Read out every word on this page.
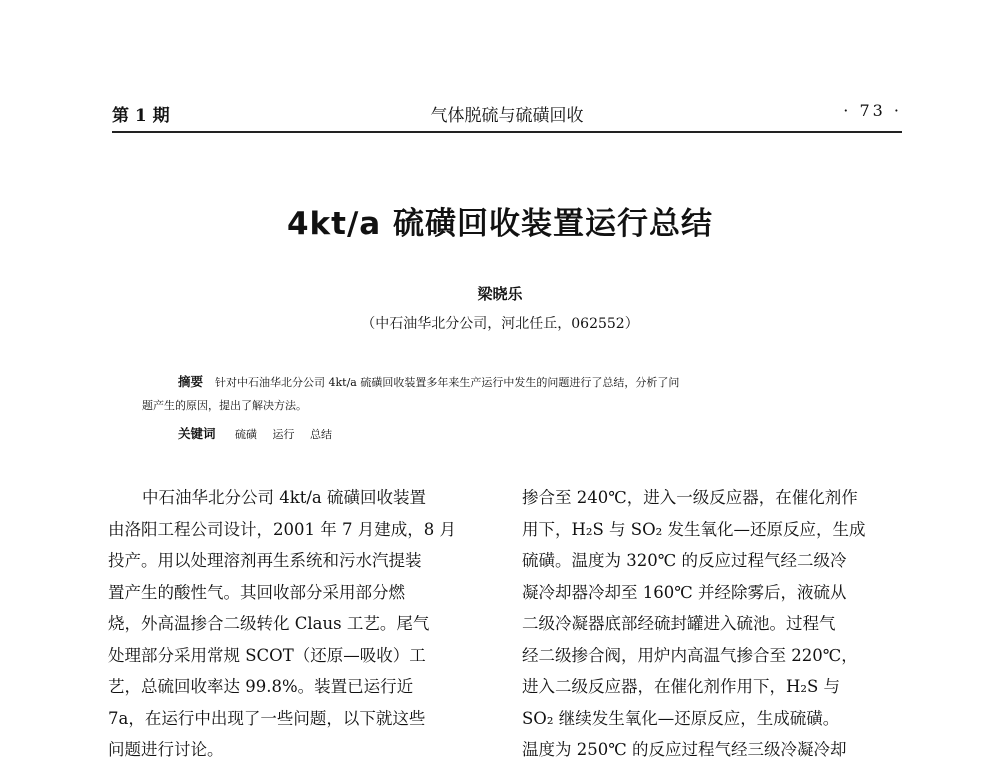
第 1 期	气体脱硫与硫磺回收	· 73 ·
4kt/a 硫磺回收装置运行总结
梁晓乐
（中石油华北分公司，河北任丘，062552）
摘要 针对中石油华北分公司 4kt/a 硫磺回收装置多年来生产运行中发生的问题进行了总结，分析了问
题产生的原因，提出了解决方法。
关键词 硫磺 运行 总结
中石油华北分公司 4kt/a 硫磺回收装置
由洛阳工程公司设计，2001 年 7 月建成，8 月
投产。用以处理溶剂再生系统和污水汽提装
置产生的酸性气。其回收部分采用部分燃
烧，外高温掺合二级转化 Claus 工艺。尾气
处理部分采用常规 SCOT（还原—吸收）工
艺，总硫回收率达 99.8%。装置已运行近
7a，在运行中出现了一些问题，以下就这些
问题进行讨论。
掺合至 240℃，进入一级反应器，在催化剂作
用下，H₂S 与 SO₂ 发生氧化—还原反应，生成
硫磺。温度为 320℃ 的反应过程气经二级冷
凝冷却器冷却至 160℃ 并经除雾后，液硫从
二级冷凝器底部经硫封罐进入硫池。过程气
经二级掺合阀，用炉内高温气掺合至 220℃，
进入二级反应器，在催化剂作用下，H₂S 与
SO₂ 继续发生氧化—还原反应，生成硫磺。
温度为 250℃ 的反应过程气经三级冷凝冷却
